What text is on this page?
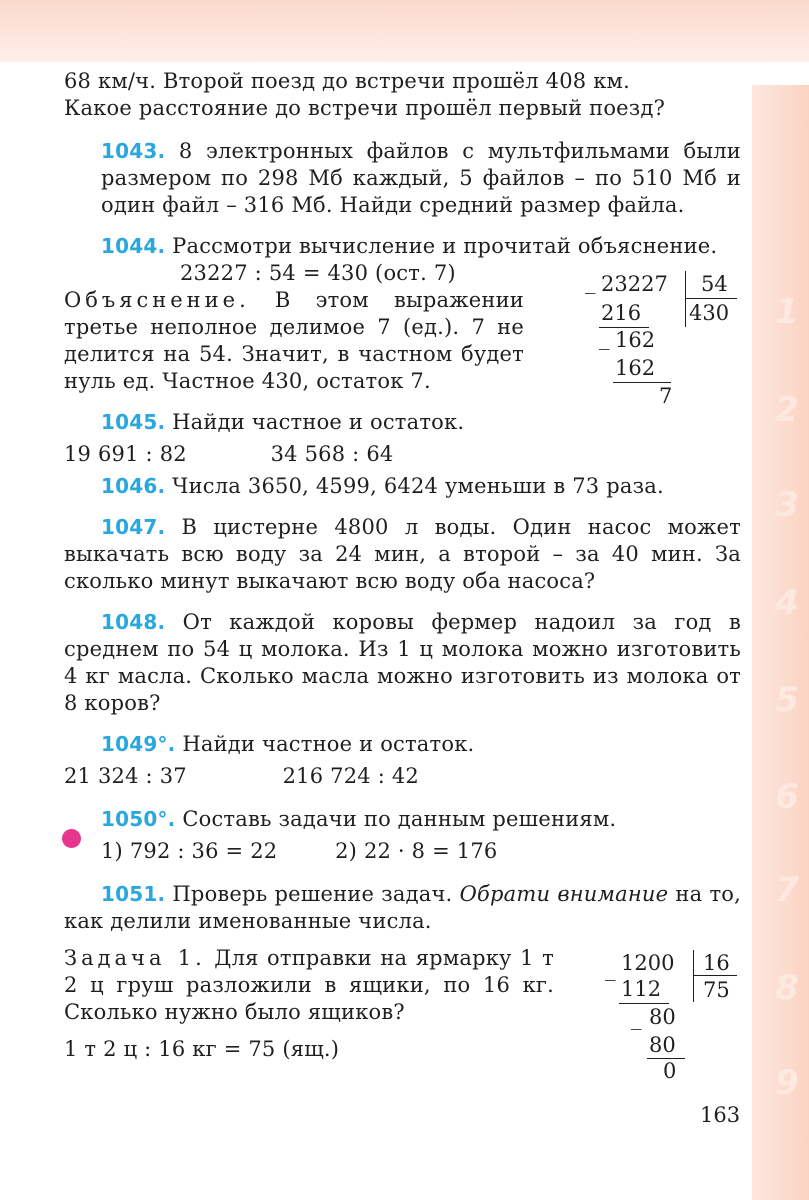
1
2
3
4
5
6
7
8
9

68 км/ч. Второй поезд до встречи прошёл 408 км.

Какое расстояние до встречи прошёл первый поезд?

1043. 8 электронных файлов с мультфильмами были размером по 298 Мб каждый, 5 файлов – по 510 Мб и один файл – 316 Мб. Найди средний размер файла.

1044. Рассмотри вычисление и прочитай объяснение.

23227 : 54 = 430 (ост. 7)

Объяснение. В этом выражении третье неполное делимое 7 (ед.). 7 не делится на 54. Значит, в частном будет нуль ед. Частное 430, остаток 7.

1045. Найди частное и остаток.

19 691 : 82	34 568 : 64

1046. Числа 3650, 4599, 6424 уменьши в 73 раза.

1047. В цистерне 4800 л воды. Один насос может выкачать всю воду за 24 мин, а второй – за 40 мин. За сколько минут выкачают всю воду оба насоса?

1048. От каждой коровы фермер надоил за год в среднем по 54 ц молока. Из 1 ц молока можно изготовить 4 кг масла. Сколько масла можно изготовить из молока от 8 коров?

1049°. Найди частное и остаток.

21 324 : 37	216 724 : 42

1050°. Составь задачи по данным решениям.

1) 792 : 36 = 22	2) 22 · 8 = 176

1051. Проверь решение задач. Обрати внимание на то, как делили именованные числа.

Задача 1. Для отправки на ярмарку 1 т 2 ц груш разложили в ящики, по 16 кг. Сколько нужно было ящиков?

1 т 2 ц : 16 кг = 75 (ящ.)

_ 23227 54
430
216
_ 162
162
7
_ 1200 16
75
112
_ 80
80
0
163
